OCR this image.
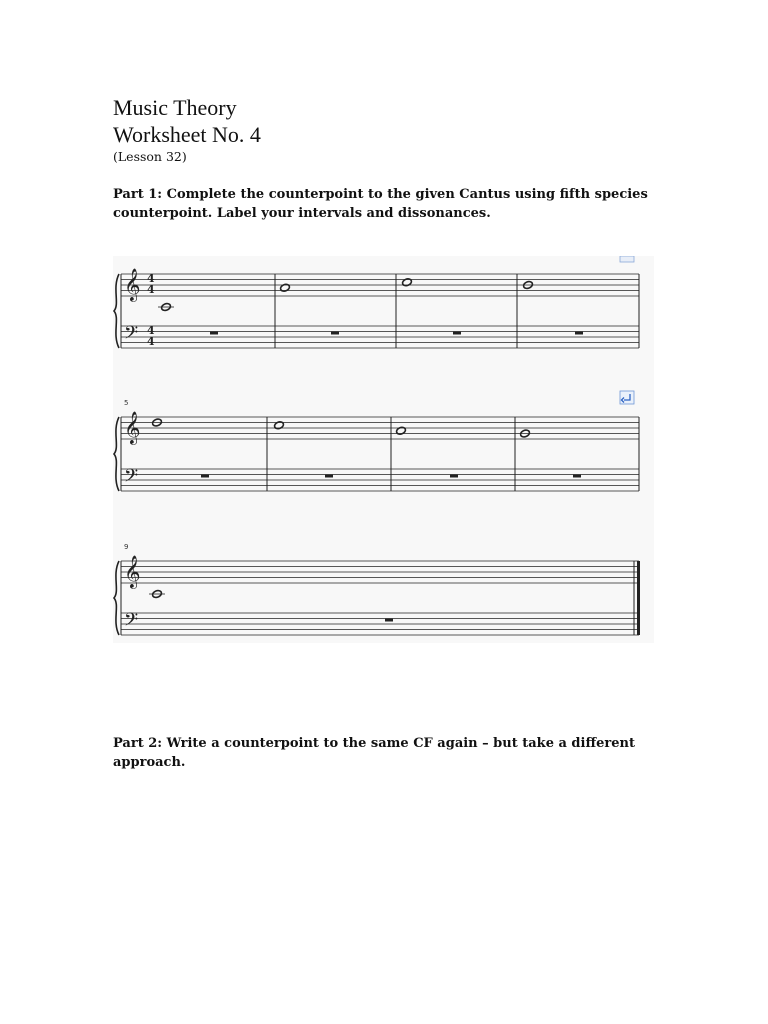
Music Theory
Worksheet No. 4
(Lesson 32)
Part 1: Complete the counterpoint to the given Cantus using fifth species counterpoint. Label your intervals and dissonances.
𝄞
𝄢
𝄞
𝄢
𝄞
𝄢
4
4
4
4
5
9
Part 2: Write a counterpoint to the same CF again – but take a different approach.
